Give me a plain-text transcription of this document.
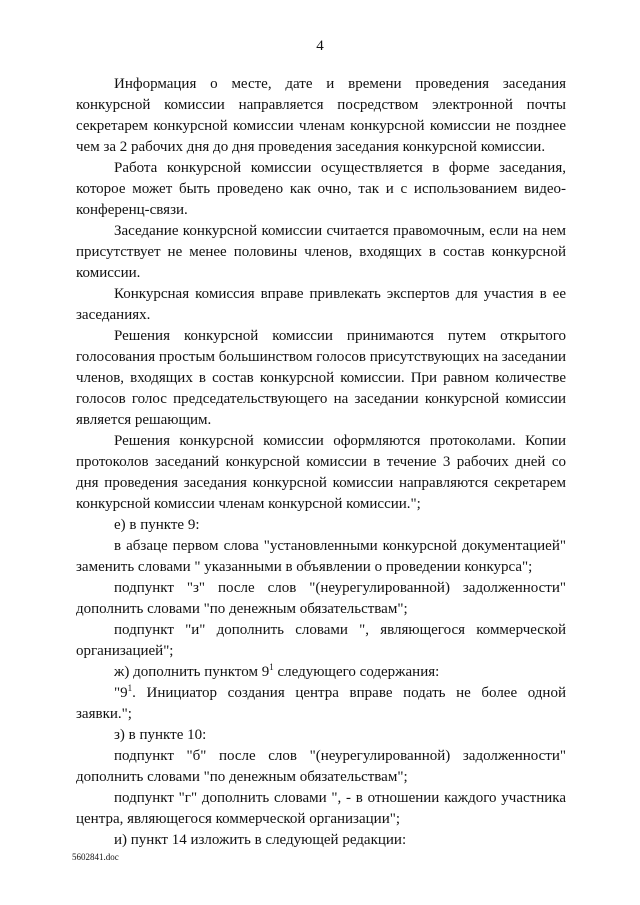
4

Информация о месте, дате и времени проведения заседания конкурсной комиссии направляется посредством электронной почты секретарем конкурсной комиссии членам конкурсной комиссии не позднее чем за 2 рабочих дня до дня проведения заседания конкурсной комиссии.

Работа конкурсной комиссии осуществляется в форме заседания, которое может быть проведено как очно, так и с использованием видео-конференц-связи.

Заседание конкурсной комиссии считается правомочным, если на нем присутствует не менее половины членов, входящих в состав конкурсной комиссии.

Конкурсная комиссия вправе привлекать экспертов для участия в ее заседаниях.

Решения конкурсной комиссии принимаются путем открытого голосования простым большинством голосов присутствующих на заседании членов, входящих в состав конкурсной комиссии. При равном количестве голосов голос председательствующего на заседании конкурсной комиссии является решающим.

Решения конкурсной комиссии оформляются протоколами. Копии протоколов заседаний конкурсной комиссии в течение 3 рабочих дней со дня проведения заседания конкурсной комиссии направляются секретарем конкурсной комиссии членам конкурсной комиссии.";

е) в пункте 9:

в абзаце первом слова "установленными конкурсной документацией" заменить словами " указанными в объявлении о проведении конкурса";

подпункт "з" после слов "(неурегулированной) задолженности" дополнить словами "по денежным обязательствам";

подпункт "и" дополнить словами ", являющегося коммерческой организацией";

ж) дополнить пунктом $9^1$ следующего содержания:

"$9^1$. Инициатор создания центра вправе подать не более одной заявки.";

з) в пункте 10:

подпункт "б" после слов "(неурегулированной) задолженности" дополнить словами "по денежным обязательствам";

подпункт "г" дополнить словами ", - в отношении каждого участника центра, являющегося коммерческой организации";

и) пункт 14 изложить в следующей редакции:

5602841.doc
